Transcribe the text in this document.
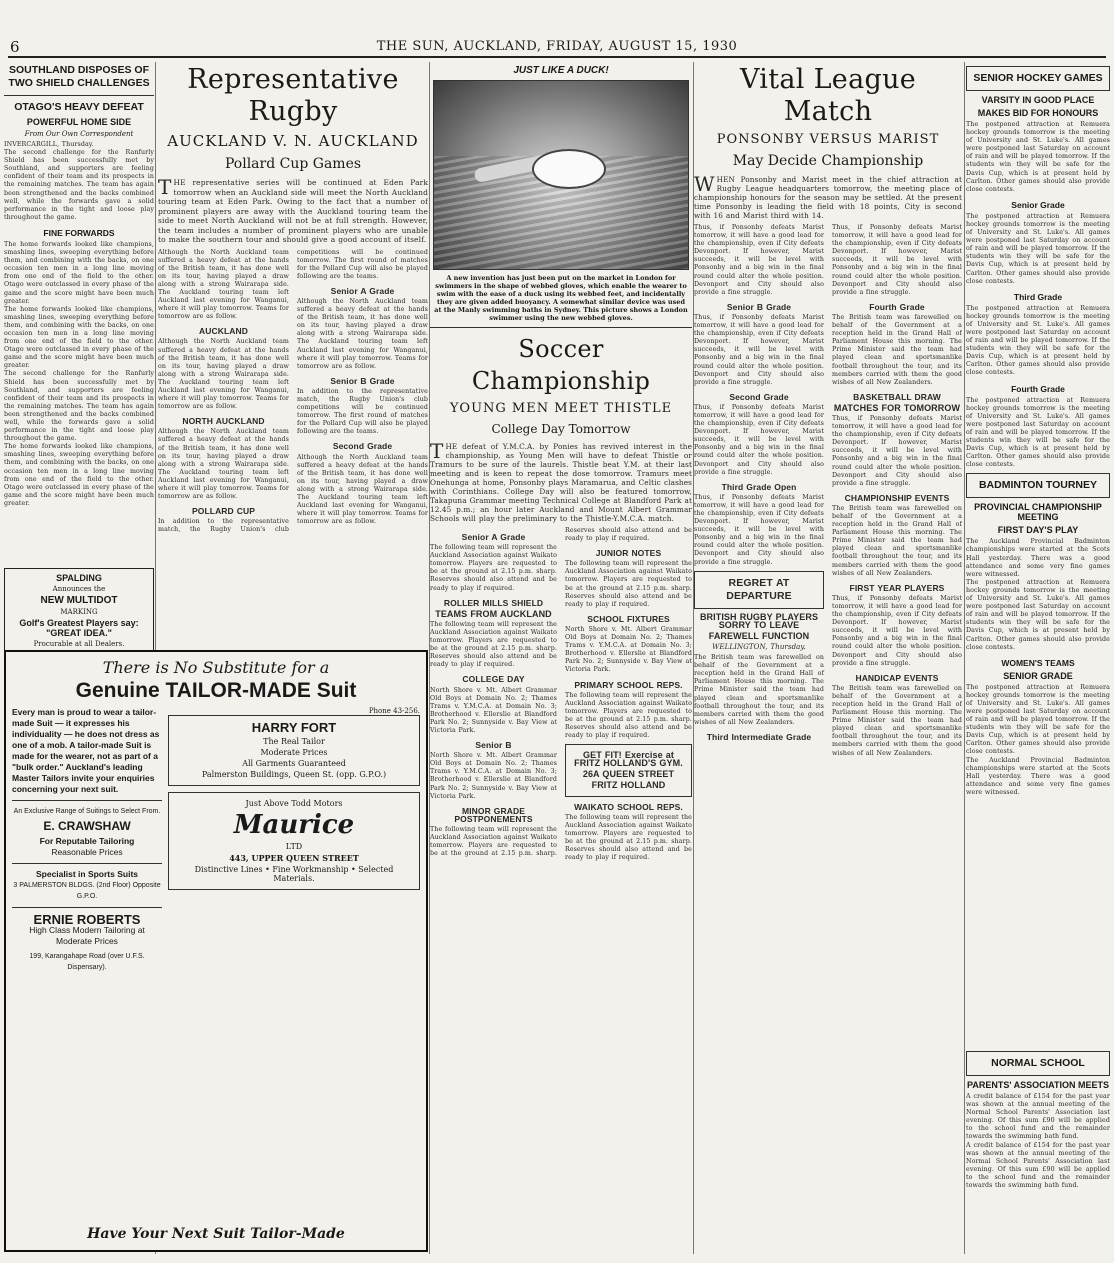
6	THE SUN, AUCKLAND, FRIDAY, AUGUST 15, 1930
SOUTHLAND DISPOSES OF TWO SHIELD CHALLENGES
OTAGO'S HEAVY DEFEAT
POWERFUL HOME SIDE
From Our Own Correspondent
INVERCARGILL, Thursday.
The second challenge for the Ranfurly Shield has been successfully met by Southland, and supporters are feeling confident of their team and its prospects in the remaining matches. The team has again been strengthened and the backs combined well, while the forwards gave a solid performance in the tight and loose play throughout the game.
FINE FORWARDS
The home forwards looked like champions, smashing lines, sweeping everything before them, and combining with the backs, on one occasion ten men in a long line moving from one end of the field to the other. Otago were outclassed in every phase of the game and the score might have been much greater.
The home forwards looked like champions, smashing lines, sweeping everything before them, and combining with the backs, on one occasion ten men in a long line moving from one end of the field to the other. Otago were outclassed in every phase of the game and the score might have been much greater.
The second challenge for the Ranfurly Shield has been successfully met by Southland, and supporters are feeling confident of their team and its prospects in the remaining matches. The team has again been strengthened and the backs combined well, while the forwards gave a solid performance in the tight and loose play throughout the game.
The home forwards looked like champions, smashing lines, sweeping everything before them, and combining with the backs, on one occasion ten men in a long line moving from one end of the field to the other. Otago were outclassed in every phase of the game and the score might have been much greater.
SPALDING
Announces the
NEW MULTIDOT
MARKING
Golf's Greatest Players say: "GREAT IDEA."
Procurable at all Dealers.
Representative Rugby
AUCKLAND V. N. AUCKLAND
Pollard Cup Games
THE representative series will be continued at Eden Park tomorrow when an Auckland side will meet the North Auckland touring team at Eden Park. Owing to the fact that a number of prominent players are away with the Auckland touring team the side to meet North Auckland will not be at full strength. However, the team includes a number of prominent players who are unable to make the southern tour and should give a good account of itself.
Although the North Auckland team suffered a heavy defeat at the hands of the British team, it has done well on its tour, having played a draw along with a strong Wairarapa side. The Auckland touring team left Auckland last evening for Wanganui, where it will play tomorrow. Teams for tomorrow are as follow.
AUCKLAND
Although the North Auckland team suffered a heavy defeat at the hands of the British team, it has done well on its tour, having played a draw along with a strong Wairarapa side. The Auckland touring team left Auckland last evening for Wanganui, where it will play tomorrow. Teams for tomorrow are as follow.
NORTH AUCKLAND
Although the North Auckland team suffered a heavy defeat at the hands of the British team, it has done well on its tour, having played a draw along with a strong Wairarapa side. The Auckland touring team left Auckland last evening for Wanganui, where it will play tomorrow. Teams for tomorrow are as follow.
POLLARD CUP
In addition to the representative match, the Rugby Union's club competitions will be continued tomorrow. The first round of matches for the Pollard Cup will also be played following are the teams.
Senior A Grade
Although the North Auckland team suffered a heavy defeat at the hands of the British team, it has done well on its tour, having played a draw along with a strong Wairarapa side. The Auckland touring team left Auckland last evening for Wanganui, where it will play tomorrow. Teams for tomorrow are as follow.
Senior B Grade
In addition to the representative match, the Rugby Union's club competitions will be continued tomorrow. The first round of matches for the Pollard Cup will also be played following are the teams.
Second Grade
Although the North Auckland team suffered a heavy defeat at the hands of the British team, it has done well on its tour, having played a draw along with a strong Wairarapa side. The Auckland touring team left Auckland last evening for Wanganui, where it will play tomorrow. Teams for tomorrow are as follow.
There is No Substitute for a
Genuine TAILOR-MADE Suit
Every man is proud to wear a tailor-made Suit — it expresses his individuality — he does not dress as one of a mob. A tailor-made Suit is made for the wearer, not as part of a "bulk order." Auckland's leading Master Tailors invite your enquiries concerning your next suit.
An Exclusive Range of Suitings to Select From.
E. CRAWSHAW
For Reputable Tailoring
Reasonable Prices
Specialist in Sports Suits
3 PALMERSTON BLDGS. (2nd Floor) Opposite G.P.O.
ERNIE ROBERTS
High Class Modern Tailoring at Moderate Prices
199, Karangahape Road (over U.F.S. Dispensary).
Phone 43-256.
HARRY FORT
The Real Tailor
Moderate Prices
All Garments Guaranteed
Palmerston Buildings, Queen St. (opp. G.P.O.)
Just Above Todd Motors
Maurice
LTD
443, UPPER QUEEN STREET
Distinctive Lines • Fine Workmanship • Selected Materials.
Have Your Next Suit Tailor-Made
JUST LIKE A DUCK!
A new invention has just been put on the market in London for swimmers in the shape of webbed gloves, which enable the wearer to swim with the ease of a duck using its webbed feet, and incidentally they are given added buoyancy. A somewhat similar device was used at the Manly swimming baths in Sydney. This picture shows a London swimmer using the new webbed gloves.
Soccer Championship
YOUNG MEN MEET THISTLE
College Day Tomorrow
THE defeat of Y.M.C.A. by Ponies has revived interest in the championship, as Young Men will have to defeat Thistle or Tramurs to be sure of the laurels. Thistle beat Y.M. at their last meeting and is keen to repeat the dose tomorrow. Tramurs meet Onehunga at home, Ponsonby plays Maramarua, and Celtic clashes with Corinthians. College Day will also be featured tomorrow, Takapuna Grammar meeting Technical College at Blandford Park at 12.45 p.m.; an hour later Auckland and Mount Albert Grammar Schools will play the preliminary to the Thistle-Y.M.C.A. match.
Senior A Grade
The following team will represent the Auckland Association against Waikato tomorrow. Players are requested to be at the ground at 2.15 p.m. sharp. Reserves should also attend and be ready to play if required.
ROLLER MILLS SHIELD
TEAMS FROM AUCKLAND
The following team will represent the Auckland Association against Waikato tomorrow. Players are requested to be at the ground at 2.15 p.m. sharp. Reserves should also attend and be ready to play if required.
COLLEGE DAY
North Shore v. Mt. Albert Grammar Old Boys at Domain No. 2; Thames Trams v. Y.M.C.A. at Domain No. 3; Brotherhood v. Ellerslie at Blandford Park No. 2; Sunnyside v. Bay View at Victoria Park.
Senior B
North Shore v. Mt. Albert Grammar Old Boys at Domain No. 2; Thames Trams v. Y.M.C.A. at Domain No. 3; Brotherhood v. Ellerslie at Blandford Park No. 2; Sunnyside v. Bay View at Victoria Park.
MINOR GRADE POSTPONEMENTS
The following team will represent the Auckland Association against Waikato tomorrow. Players are requested to be at the ground at 2.15 p.m. sharp. Reserves should also attend and be ready to play if required.
JUNIOR NOTES
The following team will represent the Auckland Association against Waikato tomorrow. Players are requested to be at the ground at 2.15 p.m. sharp. Reserves should also attend and be ready to play if required.
SCHOOL FIXTURES
North Shore v. Mt. Albert Grammar Old Boys at Domain No. 2; Thames Trams v. Y.M.C.A. at Domain No. 3; Brotherhood v. Ellerslie at Blandford Park No. 2; Sunnyside v. Bay View at Victoria Park.
PRIMARY SCHOOL REPS.
The following team will represent the Auckland Association against Waikato tomorrow. Players are requested to be at the ground at 2.15 p.m. sharp. Reserves should also attend and be ready to play if required.
GET FIT! Exercise at FRITZ HOLLAND'S GYM.
26A QUEEN STREET
FRITZ HOLLAND
WAIKATO SCHOOL REPS.
The following team will represent the Auckland Association against Waikato tomorrow. Players are requested to be at the ground at 2.15 p.m. sharp. Reserves should also attend and be ready to play if required.
Vital League Match
PONSONBY VERSUS MARIST
May Decide Championship
WHEN Ponsonby and Marist meet in the chief attraction at Rugby League headquarters tomorrow, the meeting place of championship honours for the season may be settled. At the present time Ponsonby is leading the field with 18 points, City is second with 16 and Marist third with 14.
Thus, if Ponsonby defeats Marist tomorrow, it will have a good lead for the championship, even if City defeats Devonport. If however, Marist succeeds, it will be level with Ponsonby and a big win in the final round could alter the whole position. Devonport and City should also provide a fine struggle.
Senior B Grade
Thus, if Ponsonby defeats Marist tomorrow, it will have a good lead for the championship, even if City defeats Devonport. If however, Marist succeeds, it will be level with Ponsonby and a big win in the final round could alter the whole position. Devonport and City should also provide a fine struggle.
Second Grade
Thus, if Ponsonby defeats Marist tomorrow, it will have a good lead for the championship, even if City defeats Devonport. If however, Marist succeeds, it will be level with Ponsonby and a big win in the final round could alter the whole position. Devonport and City should also provide a fine struggle.
Third Grade Open
Thus, if Ponsonby defeats Marist tomorrow, it will have a good lead for the championship, even if City defeats Devonport. If however, Marist succeeds, it will be level with Ponsonby and a big win in the final round could alter the whole position. Devonport and City should also provide a fine struggle.
REGRET AT DEPARTURE
BRITISH RUGBY PLAYERS SORRY TO LEAVE
FAREWELL FUNCTION
WELLINGTON, Thursday.
The British team was farewelled on behalf of the Government at a reception held in the Grand Hall of Parliament House this morning. The Prime Minister said the team had played clean and sportsmanlike football throughout the tour, and its members carried with them the good wishes of all New Zealanders.
Third Intermediate Grade
Thus, if Ponsonby defeats Marist tomorrow, it will have a good lead for the championship, even if City defeats Devonport. If however, Marist succeeds, it will be level with Ponsonby and a big win in the final round could alter the whole position. Devonport and City should also provide a fine struggle.
Fourth Grade
The British team was farewelled on behalf of the Government at a reception held in the Grand Hall of Parliament House this morning. The Prime Minister said the team had played clean and sportsmanlike football throughout the tour, and its members carried with them the good wishes of all New Zealanders.
BASKETBALL DRAW
MATCHES FOR TOMORROW
Thus, if Ponsonby defeats Marist tomorrow, it will have a good lead for the championship, even if City defeats Devonport. If however, Marist succeeds, it will be level with Ponsonby and a big win in the final round could alter the whole position. Devonport and City should also provide a fine struggle.
CHAMPIONSHIP EVENTS
The British team was farewelled on behalf of the Government at a reception held in the Grand Hall of Parliament House this morning. The Prime Minister said the team had played clean and sportsmanlike football throughout the tour, and its members carried with them the good wishes of all New Zealanders.
FIRST YEAR PLAYERS
Thus, if Ponsonby defeats Marist tomorrow, it will have a good lead for the championship, even if City defeats Devonport. If however, Marist succeeds, it will be level with Ponsonby and a big win in the final round could alter the whole position. Devonport and City should also provide a fine struggle.
HANDICAP EVENTS
The British team was farewelled on behalf of the Government at a reception held in the Grand Hall of Parliament House this morning. The Prime Minister said the team had played clean and sportsmanlike football throughout the tour, and its members carried with them the good wishes of all New Zealanders.
SENIOR HOCKEY GAMES
VARSITY IN GOOD PLACE
MAKES BID FOR HONOURS
The postponed attraction at Remuera hockey grounds tomorrow is the meeting of University and St. Luke's. All games were postponed last Saturday on account of rain and will be played tomorrow. If the students win they will be safe for the Davis Cup, which is at present held by Carlton. Other games should also provide close contests.
Senior Grade
The postponed attraction at Remuera hockey grounds tomorrow is the meeting of University and St. Luke's. All games were postponed last Saturday on account of rain and will be played tomorrow. If the students win they will be safe for the Davis Cup, which is at present held by Carlton. Other games should also provide close contests.
Third Grade
The postponed attraction at Remuera hockey grounds tomorrow is the meeting of University and St. Luke's. All games were postponed last Saturday on account of rain and will be played tomorrow. If the students win they will be safe for the Davis Cup, which is at present held by Carlton. Other games should also provide close contests.
Fourth Grade
The postponed attraction at Remuera hockey grounds tomorrow is the meeting of University and St. Luke's. All games were postponed last Saturday on account of rain and will be played tomorrow. If the students win they will be safe for the Davis Cup, which is at present held by Carlton. Other games should also provide close contests.
BADMINTON TOURNEY
PROVINCIAL CHAMPIONSHIP MEETING
FIRST DAY'S PLAY
The Auckland Provincial Badminton championships were started at the Scots Hall yesterday. There was a good attendance and some very fine games were witnessed.
The postponed attraction at Remuera hockey grounds tomorrow is the meeting of University and St. Luke's. All games were postponed last Saturday on account of rain and will be played tomorrow. If the students win they will be safe for the Davis Cup, which is at present held by Carlton. Other games should also provide close contests.
WOMEN'S TEAMS
SENIOR GRADE
The postponed attraction at Remuera hockey grounds tomorrow is the meeting of University and St. Luke's. All games were postponed last Saturday on account of rain and will be played tomorrow. If the students win they will be safe for the Davis Cup, which is at present held by Carlton. Other games should also provide close contests.
The Auckland Provincial Badminton championships were started at the Scots Hall yesterday. There was a good attendance and some very fine games were witnessed.
NORMAL SCHOOL
PARENTS' ASSOCIATION MEETS
A credit balance of £154 for the past year was shown at the annual meeting of the Normal School Parents' Association last evening. Of this sum £90 will be applied to the school fund and the remainder towards the swimming bath fund.
A credit balance of £154 for the past year was shown at the annual meeting of the Normal School Parents' Association last evening. Of this sum £90 will be applied to the school fund and the remainder towards the swimming bath fund.
